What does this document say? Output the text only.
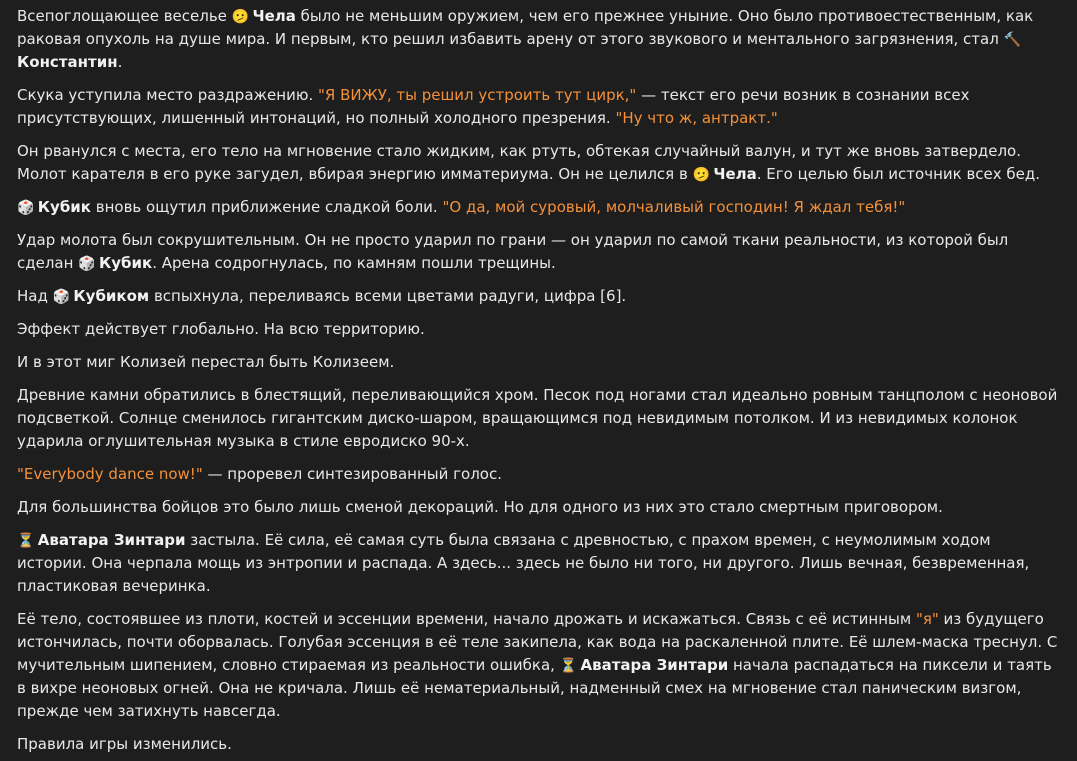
Всепоглощающее веселье 🫤 Чела было не меньшим оружием, чем его прежнее уныние. Оно было противоестественным, как раковая опухоль на душе мира. И первым, кто решил избавить арену от этого звукового и ментального загрязнения, стал 🔨 Константин.

Скука уступила место раздражению. "Я ВИЖУ, ты решил устроить тут цирк," — текст его речи возник в сознании всех присутствующих, лишенный интонаций, но полный холодного презрения. "Ну что ж, антракт."

Он рванулся с места, его тело на мгновение стало жидким, как ртуть, обтекая случайный валун, и тут же вновь затвердело. Молот карателя в его руке загудел, вбирая энергию имматериума. Он не целился в 🫤 Чела. Его целью был источник всех бед.

🎲 Кубик вновь ощутил приближение сладкой боли. "О да, мой суровый, молчаливый господин! Я ждал тебя!"

Удар молота был сокрушительным. Он не просто ударил по грани — он ударил по самой ткани реальности, из которой был сделан 🎲 Кубик. Арена содрогнулась, по камням пошли трещины.

Над 🎲 Кубиком вспыхнула, переливаясь всеми цветами радуги, цифра [6].

Эффект действует глобально. На всю территорию.

И в этот миг Колизей перестал быть Колизеем.

Древние камни обратились в блестящий, переливающийся хром. Песок под ногами стал идеально ровным танцполом с неоновой подсветкой. Солнце сменилось гигантским диско-шаром, вращающимся под невидимым потолком. И из невидимых колонок ударила оглушительная музыка в стиле евродиско 90-х.

"Everybody dance now!" — проревел синтезированный голос.

Для большинства бойцов это было лишь сменой декораций. Но для одного из них это стало смертным приговором.

⏳ Аватара Зинтари застыла. Её сила, её самая суть была связана с древностью, с прахом времен, с неумолимым ходом истории. Она черпала мощь из энтропии и распада. А здесь... здесь не было ни того, ни другого. Лишь вечная, безвременная, пластиковая вечеринка.

Её тело, состоявшее из плоти, костей и эссенции времени, начало дрожать и искажаться. Связь с её истинным "я" из будущего истончилась, почти оборвалась. Голубая эссенция в её теле закипела, как вода на раскаленной плите. Её шлем-маска треснул. С мучительным шипением, словно стираемая из реальности ошибка, ⏳ Аватара Зинтари начала распадаться на пиксели и таять в вихре неоновых огней. Она не кричала. Лишь её нематериальный, надменный смех на мгновение стал паническим визгом, прежде чем затихнуть навсегда.

Правила игры изменились.
